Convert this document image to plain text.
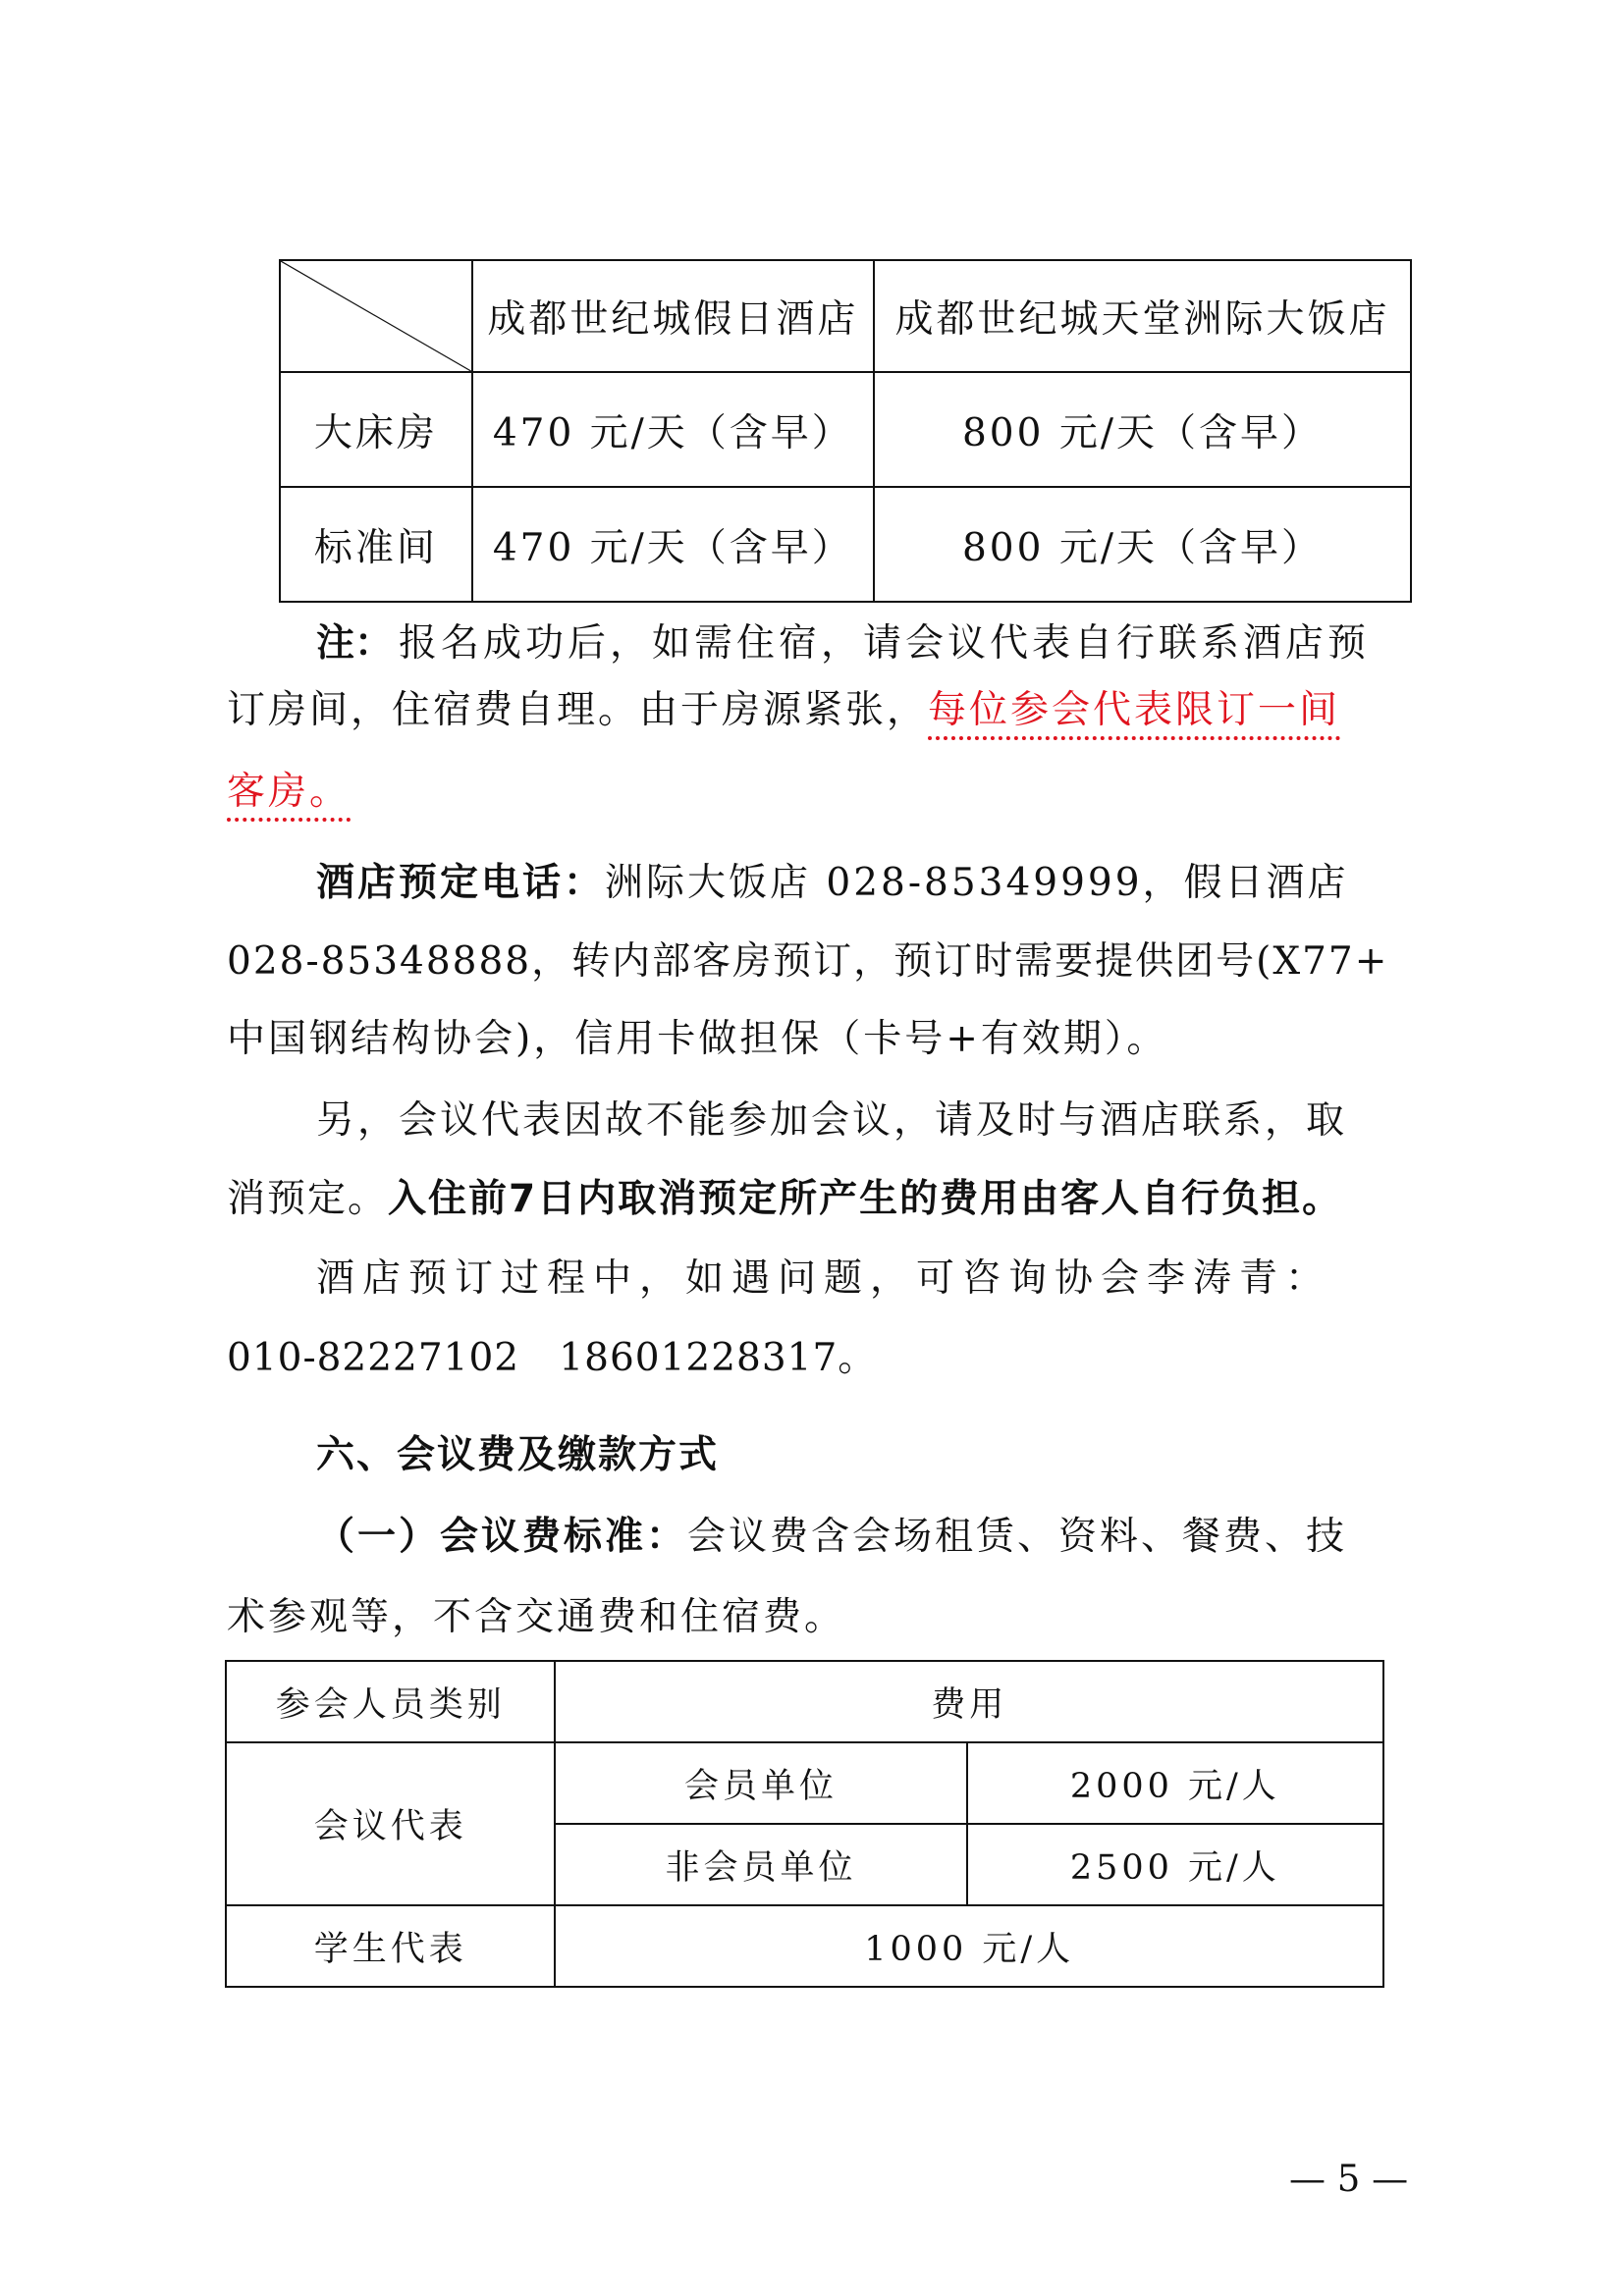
	成都世纪城假日酒店	成都世纪城天堂洲际大饭店
大床房	470 元/天（含早）	800 元/天（含早）
标准间	470 元/天（含早）	800 元/天（含早）
注： 报名成功后，如需住宿，请会议代表自行联系酒店预
订房间，住宿费自理。由于房源紧张，每位参会代表限订一间
客房。
酒店预定电话：洲际大饭店 028-85349999，假日酒店
028-85348888，转内部客房预订，预订时需要提供团号(X77+
中国钢结构协会)，信用卡做担保（卡号+有效期）。
另，会议代表因故不能参加会议，请及时与酒店联系，取
消预定。入住前7日内取消预定所产生的费用由客人自行负担。
酒店预订过程中，如遇问题，可咨询协会李涛青：
010-82227102   18601228317。
六、会议费及缴款方式
（一）会议费标准：会议费含会场租赁、资料、餐费、技
术参观等，不含交通费和住宿费。
参会人员类别	费用	
会议代表	会员单位	2000 元/人
	非会员单位	2500 元/人
学生代表	1000 元/人	
— 5 —
